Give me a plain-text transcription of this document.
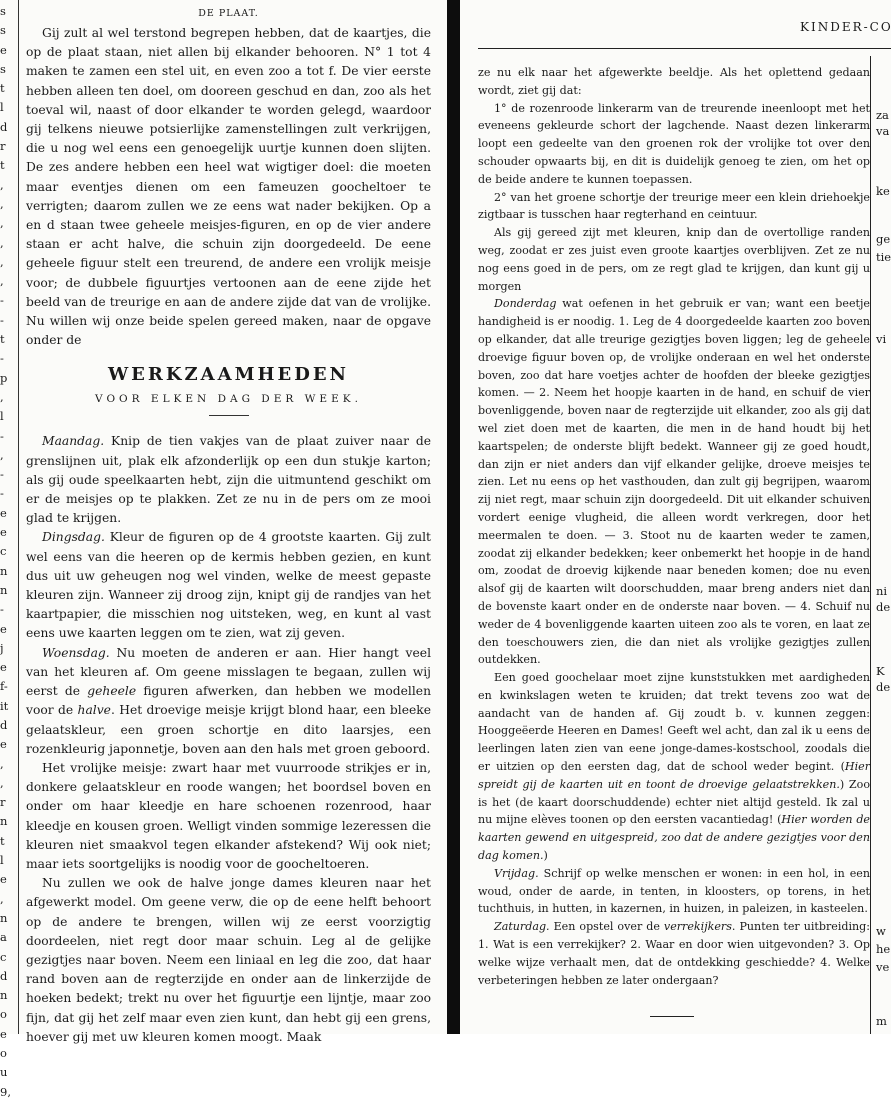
s
s
e
s
t
l
d
r
t
,
,
,
,
,
,
-
-
t
-
p
,
l
-
,
-
-
e
e
c
n
n
-
e
j
e
f-
it
d
e
,
,
r
n
t
l
e
,
n
a
c
d
n
o
e
o
u
9,
DE PLAAT.

Gij zult al wel terstond begrepen hebben, dat de kaartjes, die op de plaat staan, niet allen bij elkander behooren. N° 1 tot 4 maken te zamen een stel uit, en even zoo a tot f. De vier eerste hebben alleen ten doel, om dooreen geschud en dan, zoo als het toeval wil, naast of door elkander te worden gelegd, waardoor gij telkens nieuwe potsierlijke zamenstellingen zult verkrijgen, die u nog wel eens een genoegelijk uurtje kunnen doen slijten. De zes andere hebben een heel wat wigtiger doel: die moeten maar eventjes dienen om een fameuzen goocheltoer te verrigten; daarom zullen we ze eens wat nader bekijken. Op a en d staan twee geheele meisjes-figuren, en op de vier andere staan er acht halve, die schuin zijn doorgedeeld. De eene geheele figuur stelt een treurend, de andere een vrolijk meisje voor; de dubbele figuurtjes vertoonen aan de eene zijde het beeld van de treurige en aan de andere zijde dat van de vrolijke. Nu willen wij onze beide spelen gereed maken, naar de opgave onder de

WERKZAAMHEDEN
VOOR ELKEN DAG DER WEEK.

Maandag. Knip de tien vakjes van de plaat zuiver naar de grenslijnen uit, plak elk afzonderlijk op een dun stukje karton; als gij oude speelkaarten hebt, zijn die uitmuntend geschikt om er de meisjes op te plakken. Zet ze nu in de pers om ze mooi glad te krijgen.

Dingsdag. Kleur de figuren op de 4 grootste kaarten. Gij zult wel eens van die heeren op de kermis hebben gezien, en kunt dus uit uw geheugen nog wel vinden, welke de meest gepaste kleuren zijn. Wanneer zij droog zijn, knipt gij de randjes van het kaartpapier, die misschien nog uitsteken, weg, en kunt al vast eens uwe kaarten leggen om te zien, wat zij geven.

Woensdag. Nu moeten de anderen er aan. Hier hangt veel van het kleuren af. Om geene misslagen te begaan, zullen wij eerst de geheele figuren afwerken, dan hebben we modellen voor de halve. Het droevige meisje krijgt blond haar, een bleeke gelaatskleur, een groen schortje en dito laarsjes, een rozenkleurig japonnetje, boven aan den hals met groen geboord.

Het vrolijke meisje: zwart haar met vuurroode strikjes er in, donkere gelaatskleur en roode wangen; het boordsel boven en onder om haar kleedje en hare schoenen rozenrood, haar kleedje en kousen groen. Welligt vinden sommige lezeressen die kleuren niet smaakvol tegen elkander afstekend? Wij ook niet; maar iets soortgelijks is noodig voor de goocheltoeren.

Nu zullen we ook de halve jonge dames kleuren naar het afgewerkt model. Om geene verw, die op de eene helft behoort op de andere te brengen, willen wij ze eerst voorzigtig doordeelen, niet regt door maar schuin. Leg al de gelijke gezigtjes naar boven. Neem een liniaal en leg die zoo, dat haar rand boven aan de regterzijde en onder aan de linkerzijde de hoeken bedekt; trekt nu over het figuurtje een lijntje, maar zoo fijn, dat gij het zelf maar even zien kunt, dan hebt gij een grens, hoever gij met uw kleuren komen moogt. Maak

KINDER-CO
za
va
ke
ge
tie
vi
ni
de
K
de
w
he
ve
m

ze nu elk naar het afgewerkte beeldje. Als het oplettend gedaan wordt, ziet gij dat:

1° de rozenroode linkerarm van de treurende ineenloopt met het eveneens gekleurde schort der lagchende. Naast dezen linkerarm loopt een gedeelte van den groenen rok der vrolijke tot over den schouder opwaarts bij, en dit is duidelijk genoeg te zien, om het op de beide andere te kunnen toepassen.

2° van het groene schortje der treurige meer een klein driehoekje zigtbaar is tusschen haar regterhand en ceintuur.

Als gij gereed zijt met kleuren, knip dan de overtollige randen weg, zoodat er zes juist even groote kaartjes overblijven. Zet ze nu nog eens goed in de pers, om ze regt glad te krijgen, dan kunt gij u morgen

Donderdag wat oefenen in het gebruik er van; want een beetje handigheid is er noodig. 1. Leg de 4 doorgedeelde kaarten zoo boven op elkander, dat alle treurige gezigtjes boven liggen; leg de geheele droevige figuur boven op, de vrolijke onderaan en wel het onderste boven, zoo dat hare voetjes achter de hoofden der bleeke gezigtjes komen. — 2. Neem het hoopje kaarten in de hand, en schuif de vier bovenliggende, boven naar de regterzijde uit elkander, zoo als gij dat wel ziet doen met de kaarten, die men in de hand houdt bij het kaartspelen; de onderste blijft bedekt. Wanneer gij ze goed houdt, dan zijn er niet anders dan vijf elkander gelijke, droeve meisjes te zien. Let nu eens op het vasthouden, dan zult gij begrijpen, waarom zij niet regt, maar schuin zijn doorgedeeld. Dit uit elkander schuiven vordert eenige vlugheid, die alleen wordt verkregen, door het meermalen te doen. — 3. Stoot nu de kaarten weder te zamen, zoodat zij elkander bedekken; keer onbemerkt het hoopje in de hand om, zoodat de droevig kijkende naar beneden komen; doe nu even alsof gij de kaarten wilt doorschudden, maar breng anders niet dan de bovenste kaart onder en de onderste naar boven. — 4. Schuif nu weder de 4 bovenliggende kaarten uiteen zoo als te voren, en laat ze den toeschouwers zien, die dan niet als vrolijke gezigtjes zullen outdekken.

Een goed goochelaar moet zijne kunststukken met aardigheden en kwinkslagen weten te kruiden; dat trekt tevens zoo wat de aandacht van de handen af. Gij zoudt b. v. kunnen zeggen: Hooggeëerde Heeren en Dames! Geeft wel acht, dan zal ik u eens de leerlingen laten zien van eene jonge-dames-kostschool, zoodals die er uitzien op den eersten dag, dat de school weder begint. (Hier spreidt gij de kaarten uit en toont de droevige gelaatstrekken.) Zoo is het (de kaart doorschuddende) echter niet altijd gesteld. Ik zal u nu mijne elèves toonen op den eersten vacantiedag! (Hier worden de kaarten gewend en uitgespreid, zoo dat de andere gezigtjes voor den dag komen.)

Vrijdag. Schrijf op welke menschen er wonen: in een hol, in een woud, onder de aarde, in tenten, in kloosters, op torens, in het tuchthuis, in hutten, in kazernen, in huizen, in paleizen, in kasteelen.

Zaturdag. Een opstel over de verrekijkers. Punten ter uitbreiding: 1. Wat is een verrekijker? 2. Waar en door wien uitgevonden? 3. Op welke wijze verhaalt men, dat de ontdekking geschiedde? 4. Welke verbeteringen hebben ze later ondergaan?
